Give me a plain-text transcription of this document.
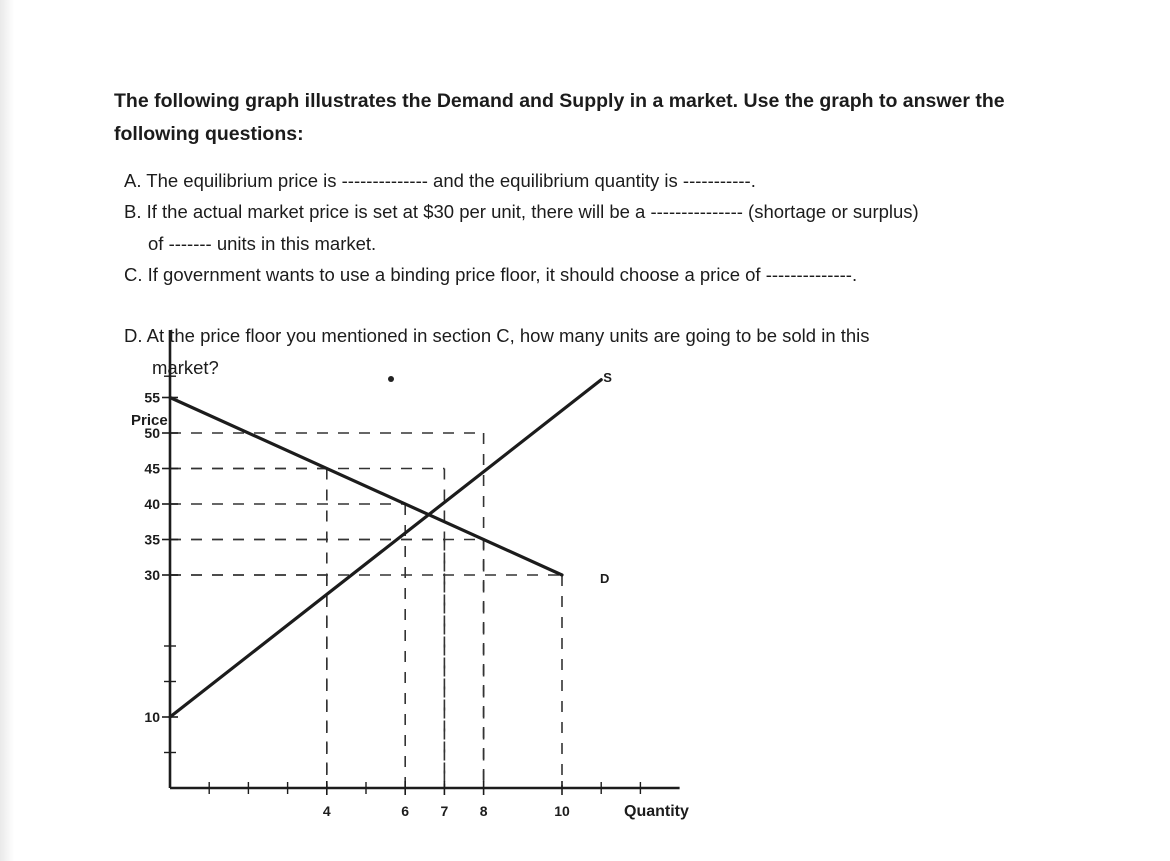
The following graph illustrates the Demand and Supply in a market. Use the graph to answer the following questions:

A. The equilibrium price is -------------- and the equilibrium quantity is -----------.

B. If the actual market price is set at $30 per unit, there will be a --------------- (shortage or surplus)

of ------- units in this market.

C. If government wants to use a binding price floor, it should choose a price of --------------.

D. At the price floor you mentioned in section C, how many units are going to be sold in this

market?

10
30
35
40
45
50
55
4	6 7 8	10
S
D
Price
Quantity
